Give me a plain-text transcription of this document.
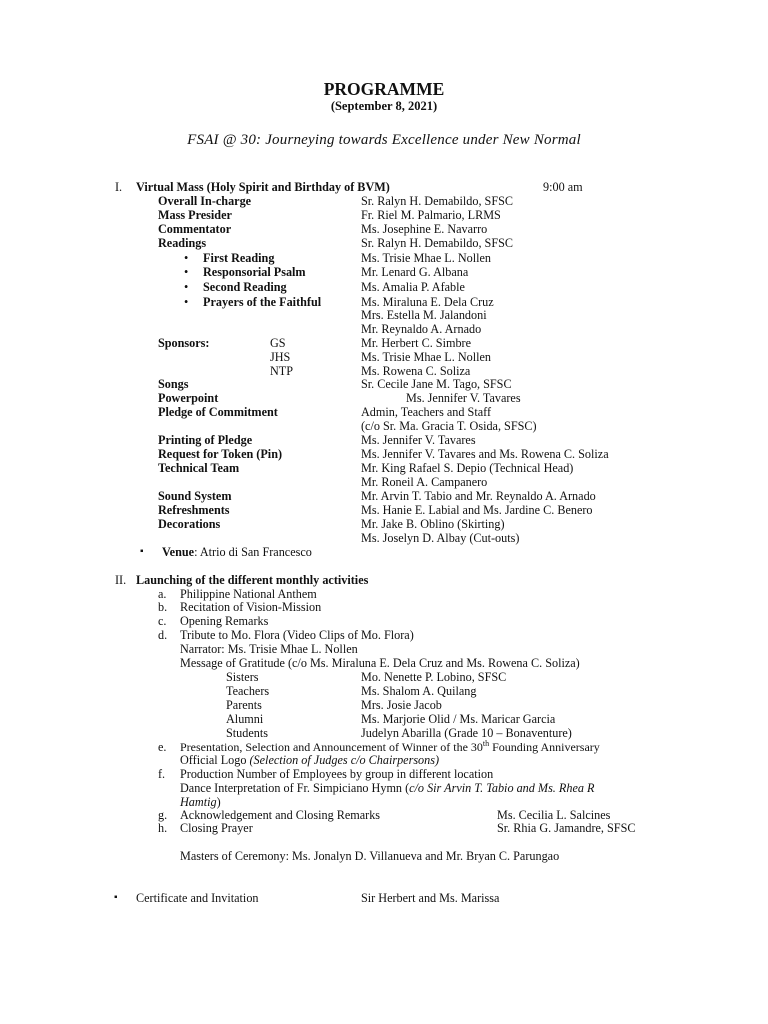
PROGRAMME
(September 8, 2021)
FSAI @ 30: Journeying towards Excellence under New Normal
I. Virtual Mass (Holy Spirit and Birthday of BVM)	9:00 am
Overall In-charge	Sr. Ralyn H. Demabildo, SFSC
Mass Presider	Fr. Riel M. Palmario, LRMS
Commentator	Ms. Josephine E. Navarro
Readings	Sr. Ralyn H. Demabildo, SFSC
• First Reading	Ms. Trisie Mhae L. Nollen
• Responsorial Psalm	Mr. Lenard G. Albana
• Second Reading	Ms. Amalia P. Afable
• Prayers of the Faithful	Ms. Miraluna E. Dela Cruz
Mrs. Estella M. Jalandoni
Mr. Reynaldo A. Arnado
Sponsors:	GS	Mr. Herbert C. Simbre
JHS	Ms. Trisie Mhae L. Nollen
NTP	Ms. Rowena C. Soliza
Songs	Sr. Cecile Jane M. Tago, SFSC
Powerpoint	Ms. Jennifer V. Tavares
Pledge of Commitment	Admin, Teachers and Staff
(c/o Sr. Ma. Gracia T. Osida, SFSC)
Printing of Pledge	Ms. Jennifer V. Tavares
Request for Token (Pin)	Ms. Jennifer V. Tavares and Ms. Rowena C. Soliza
Technical Team	Mr. King Rafael S. Depio (Technical Head)
Mr. Roneil A. Campanero
Sound System	Mr. Arvin T. Tabio and Mr. Reynaldo A. Arnado
Refreshments	Ms. Hanie E. Labial and Ms. Jardine C. Benero
Decorations	Mr. Jake B. Oblino (Skirting)
Ms. Joselyn D. Albay (Cut-outs)
▪ Venue: Atrio di San Francesco
II. Launching of the different monthly activities
a. Philippine National Anthem
b. Recitation of Vision-Mission
c. Opening Remarks
d. Tribute to Mo. Flora (Video Clips of Mo. Flora)
Narrator: Ms. Trisie Mhae L. Nollen
Message of Gratitude (c/o Ms. Miraluna E. Dela Cruz and Ms. Rowena C. Soliza)
Sisters	Mo. Nenette P. Lobino, SFSC
Teachers	Ms. Shalom A. Quilang
Parents	Mrs. Josie Jacob
Alumni	Ms. Marjorie Olid / Ms. Maricar Garcia
Students	Judelyn Abarilla (Grade 10 – Bonaventure)
e. Presentation, Selection and Announcement of Winner of the 30th Founding Anniversary
Official Logo (Selection of Judges c/o Chairpersons)
f. Production Number of Employees by group in different location
Dance Interpretation of Fr. Simpiciano Hymn (c/o Sir Arvin T. Tabio and Ms. Rhea R
Hamtig)
g. Acknowledgement and Closing Remarks	Ms. Cecilia L. Salcines
h. Closing Prayer	Sr. Rhia G. Jamandre, SFSC
Masters of Ceremony: Ms. Jonalyn D. Villanueva and Mr. Bryan C. Parungao
▪ Certificate and Invitation	Sir Herbert and Ms. Marissa
